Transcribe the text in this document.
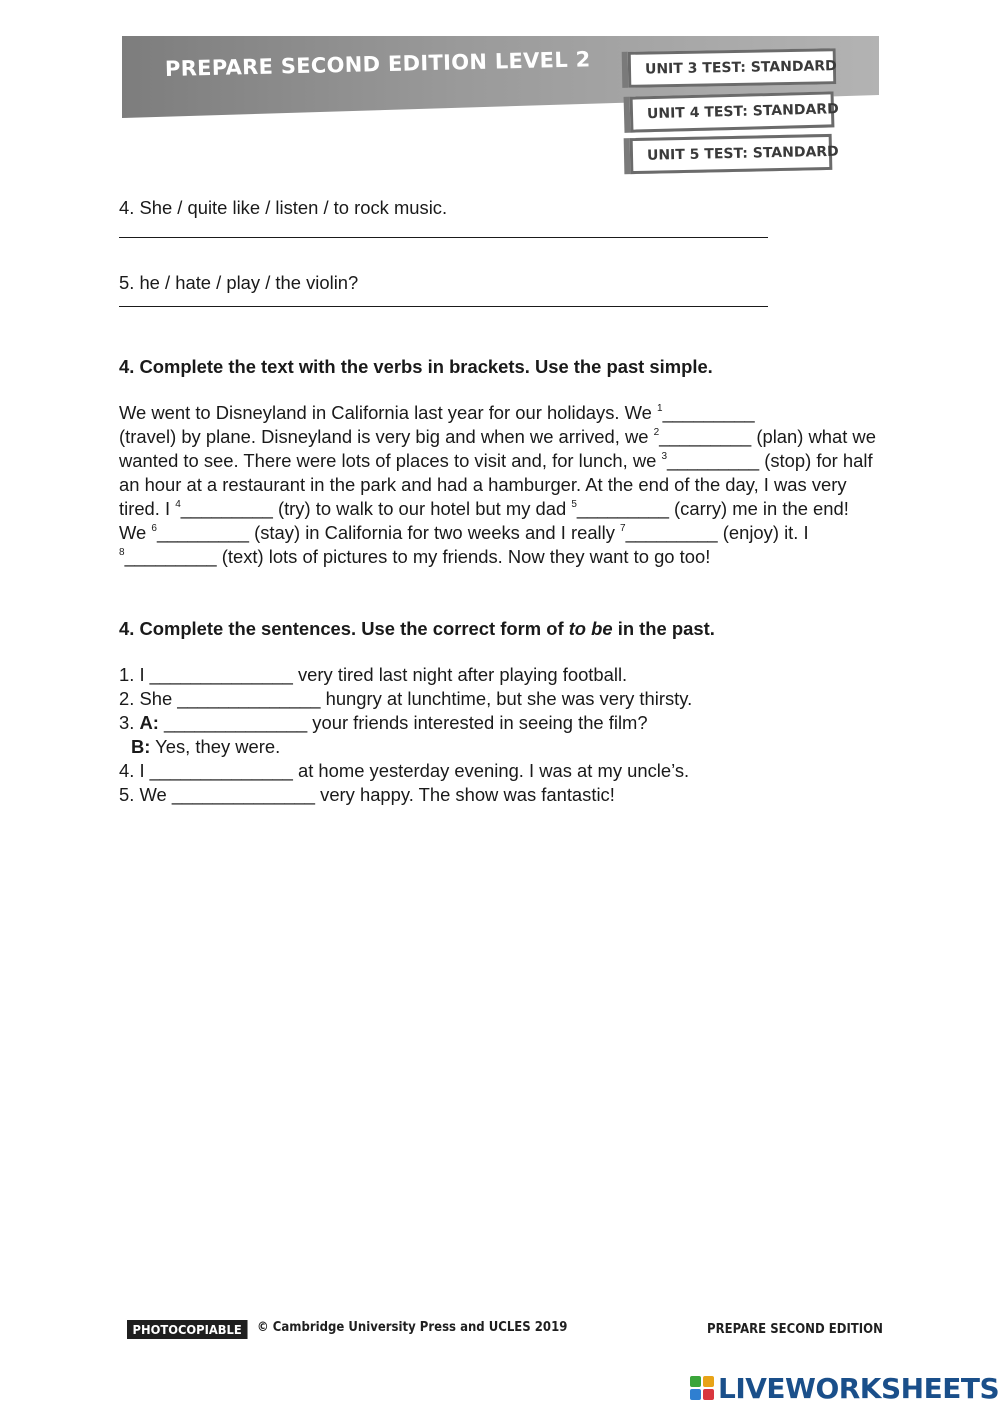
PREPARE SECOND EDITION LEVEL 2	UNIT 3 TEST: STANDARD
UNIT 4 TEST: STANDARD
UNIT 5 TEST: STANDARD

4. She / quite like / listen / to rock music.

5. he / hate / play / the violin?

4. Complete the text with the verbs in brackets. Use the past simple.

We went to Disneyland in California last year for our holidays. We $^1$_________
(travel) by plane. Disneyland is very big and when we arrived, we $^2$_________ (plan) what we wanted to see. There were lots of places to visit and, for lunch, we $^3$_________ (stop) for half an hour at a restaurant in the park and had a hamburger. At the end of the day, I was very tired. I $^4$_________ (try) to walk to our hotel but my dad $^5$_________ (carry) me in the end! We $^6$_________ (stay) in California for two weeks and I really $^7$_________ (enjoy) it. I $^8$_________ (text) lots of pictures to my friends. Now they want to go too!

4. Complete the sentences. Use the correct form of to be in the past.

1. I ______________ very tired last night after playing football.

2. She ______________ hungry at lunchtime, but she was very thirsty.

3. A: ______________ your friends interested in seeing the film?

B: Yes, they were.

4. I ______________ at home yesterday evening. I was at my uncle’s.

5. We ______________ very happy. The show was fantastic!

PHOTOCOPIABLE	© Cambridge University Press and UCLES 2019	PREPARE SECOND EDITION
LIVEWORKSHEETS
